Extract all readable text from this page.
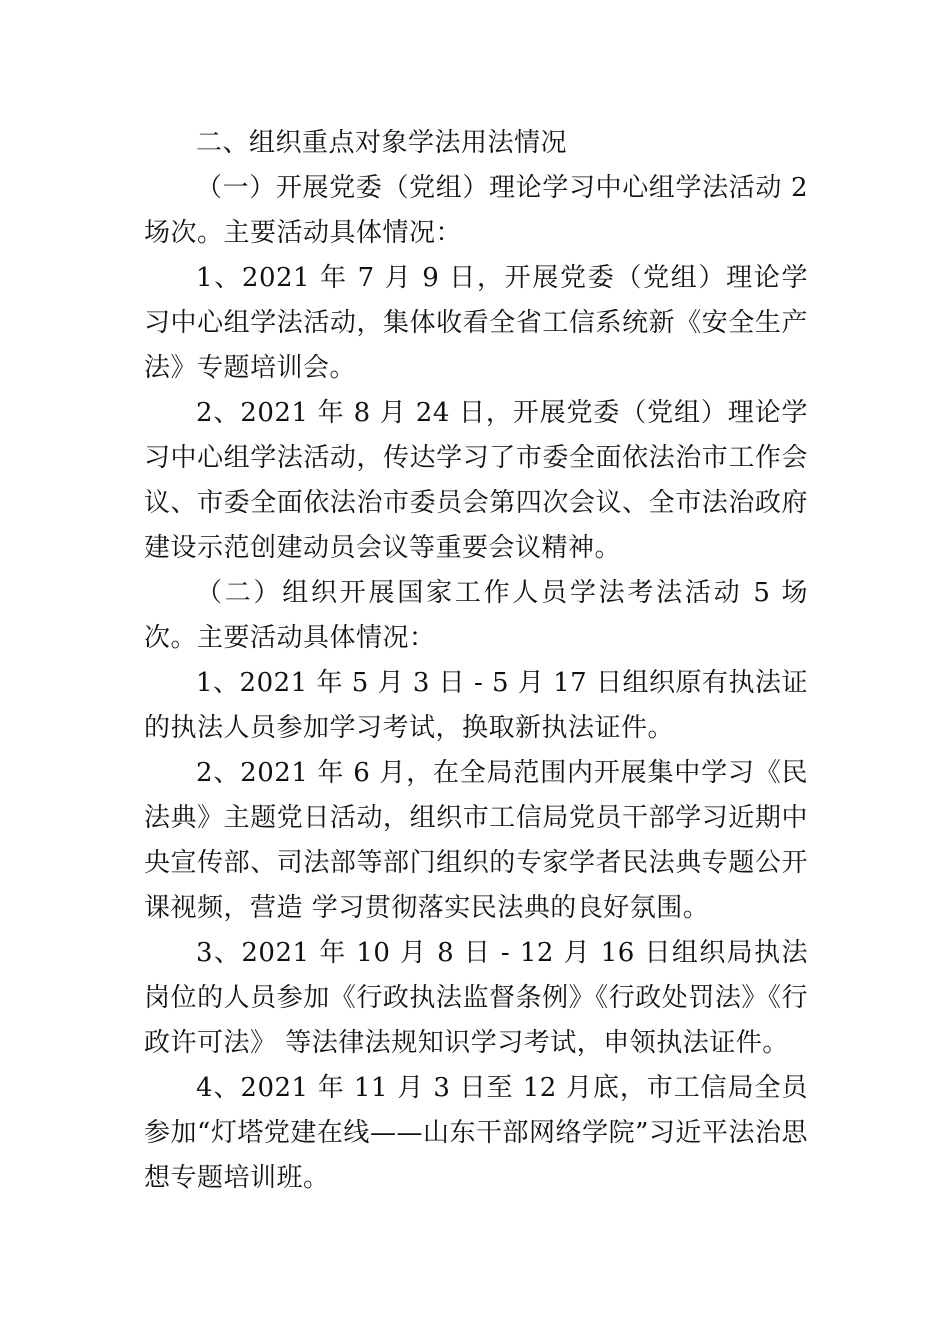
二、组织重点对象学法用法情况

（一）开展党委（党组）理论学习中心组学法活动 2 场次。主要活动具体情况：

1、2021 年 7 月 9 日，开展党委（党组）理论学习中心组学法活动，集体收看全省工信系统新《安全生产法》专题培训会。

2、2021 年 8 月 24 日，开展党委（党组）理论学习中心组学法活动，传达学习了市委全面依法治市工作会议、市委全面依法治市委员会第四次会议、全市法治政府建设示范创建动员会议等重要会议精神。

（二）组织开展国家工作人员学法考法活动 5 场次。主要活动具体情况：

1、2021 年 5 月 3 日 - 5 月 17 日组织原有执法证的执法人员参加学习考试，换取新执法证件。

2、2021 年 6 月，在全局范围内开展集中学习《民法典》主题党日活动，组织市工信局党员干部学习近期中央宣传部、司法部等部门组织的专家学者民法典专题公开课视频，营造 学习贯彻落实民法典的良好氛围。

3、2021 年 10 月 8 日 - 12 月 16 日组织局执法岗位的人员参加《行政执法监督条例》《行政处罚法》《行政许可法》 等法律法规知识学习考试，申领执法证件。

4、2021 年 11 月 3 日至 12 月底，市工信局全员参加“灯塔党建在线——山东干部网络学院”习近平法治思想专题培训班。
